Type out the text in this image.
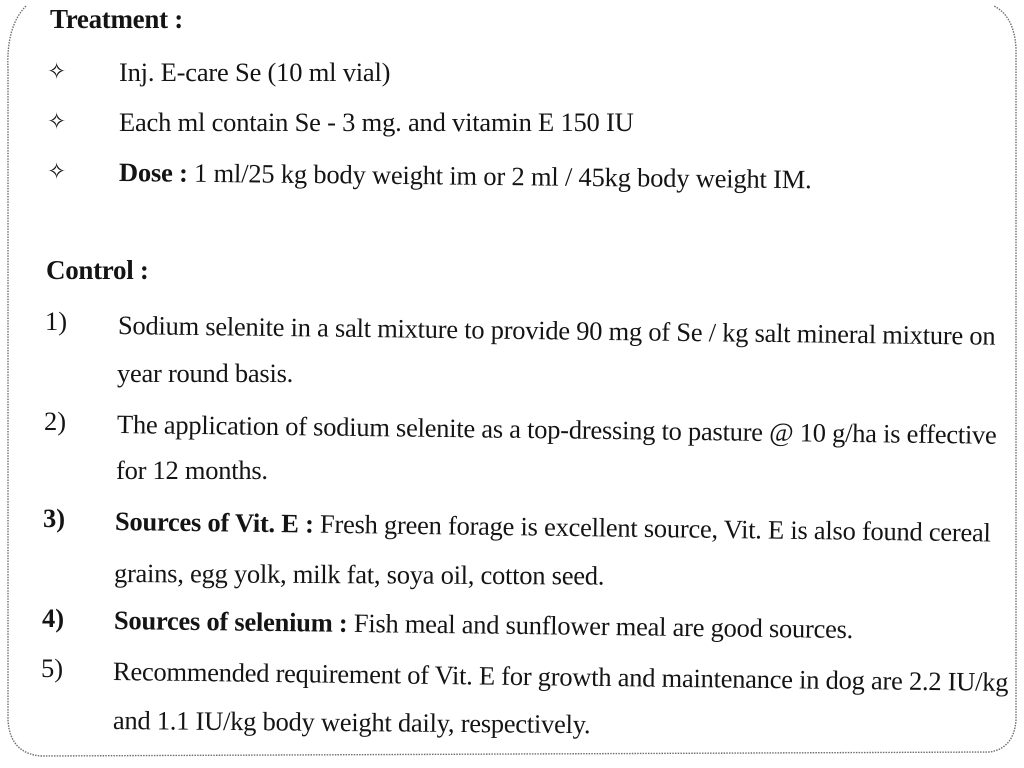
Treatment :
✧ Inj. E-care Se (10 ml vial)
✧ Each ml contain Se - 3 mg. and vitamin E 150 IU
✧ Dose : 1 ml/25 kg body weight im or 2 ml / 45kg body weight IM.
Control :
1) Sodium selenite in a salt mixture to provide 90 mg of Se / kg salt mineral mixture on
year round basis.
2) The application of sodium selenite as a top-dressing to pasture @ 10 g/ha is effective
for 12 months.
3) Sources of Vit. E : Fresh green forage is excellent source, Vit. E is also found cereal
grains, egg yolk, milk fat, soya oil, cotton seed.
4) Sources of selenium : Fish meal and sunflower meal are good sources.
5) Recommended requirement of Vit. E for growth and maintenance in dog are 2.2 IU/kg
and 1.1 IU/kg body weight daily, respectively.
